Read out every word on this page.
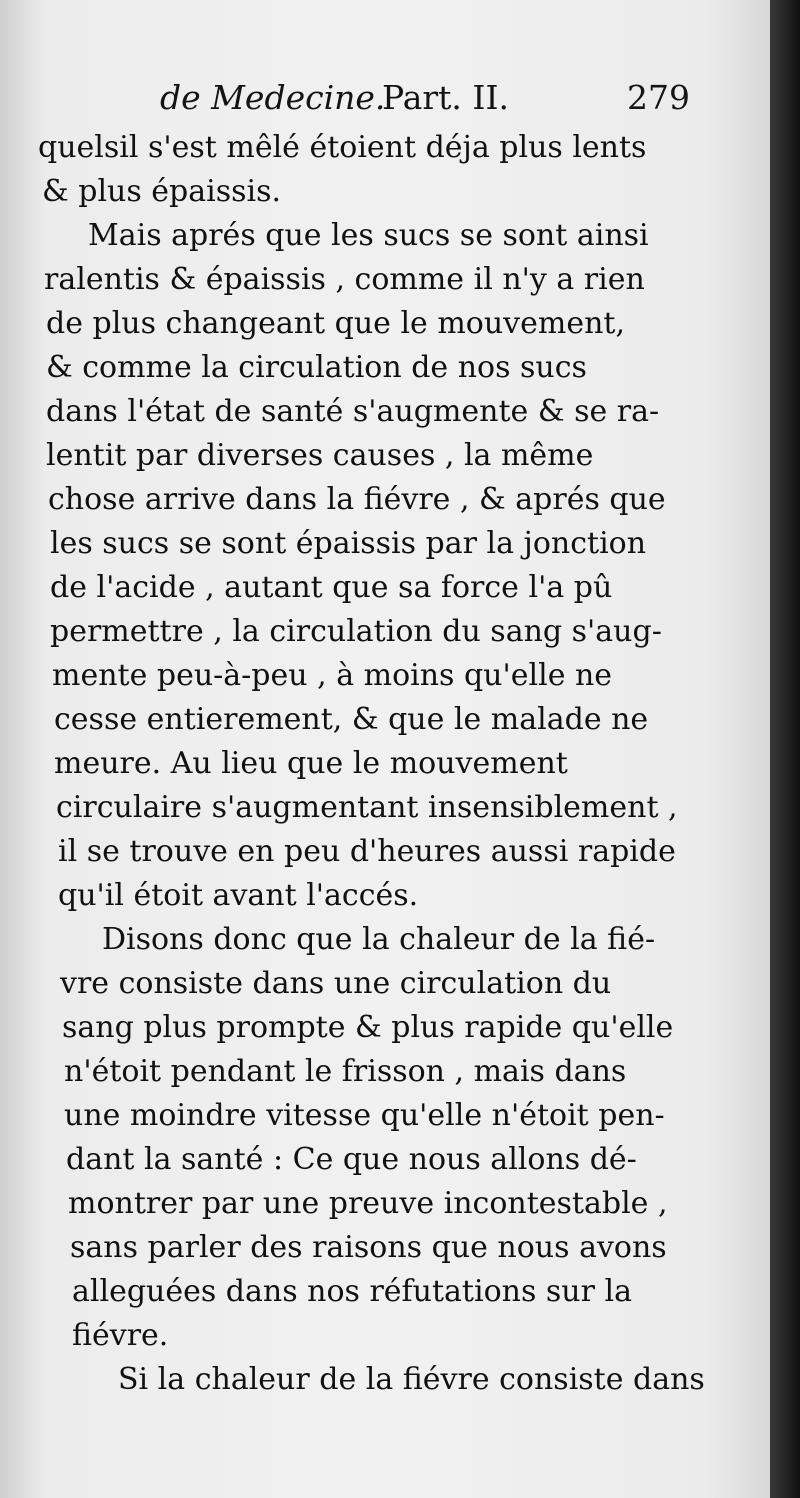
de Medecine.
Part. II.	279
quelsil s'est mêlé étoient déja plus lents
& plus épaissis.
Mais aprés que les sucs se sont ainsi
ralentis & épaissis , comme il n'y a rien
de plus changeant que le mouvement,
& comme la circulation de nos sucs
dans l'état de santé s'augmente & se ra-
lentit par diverses causes , la même
chose arrive dans la fiévre , & aprés que
les sucs se sont épaissis par la jonction
de l'acide , autant que sa force l'a pû
permettre , la circulation du sang s'aug-
mente peu-à-peu , à moins qu'elle ne
cesse entierement, & que le malade ne
meure. Au lieu que le mouvement
circulaire s'augmentant insensiblement ,
il se trouve en peu d'heures aussi rapide
qu'il étoit avant l'accés.
Disons donc que la chaleur de la fié-
vre consiste dans une circulation du
sang plus prompte & plus rapide qu'elle
n'étoit pendant le frisson , mais dans
une moindre vitesse qu'elle n'étoit pen-
dant la santé : Ce que nous allons dé-
montrer par une preuve incontestable ,
sans parler des raisons que nous avons
alleguées dans nos réfutations sur la
fiévre.
Si la chaleur de la fiévre consiste dans
